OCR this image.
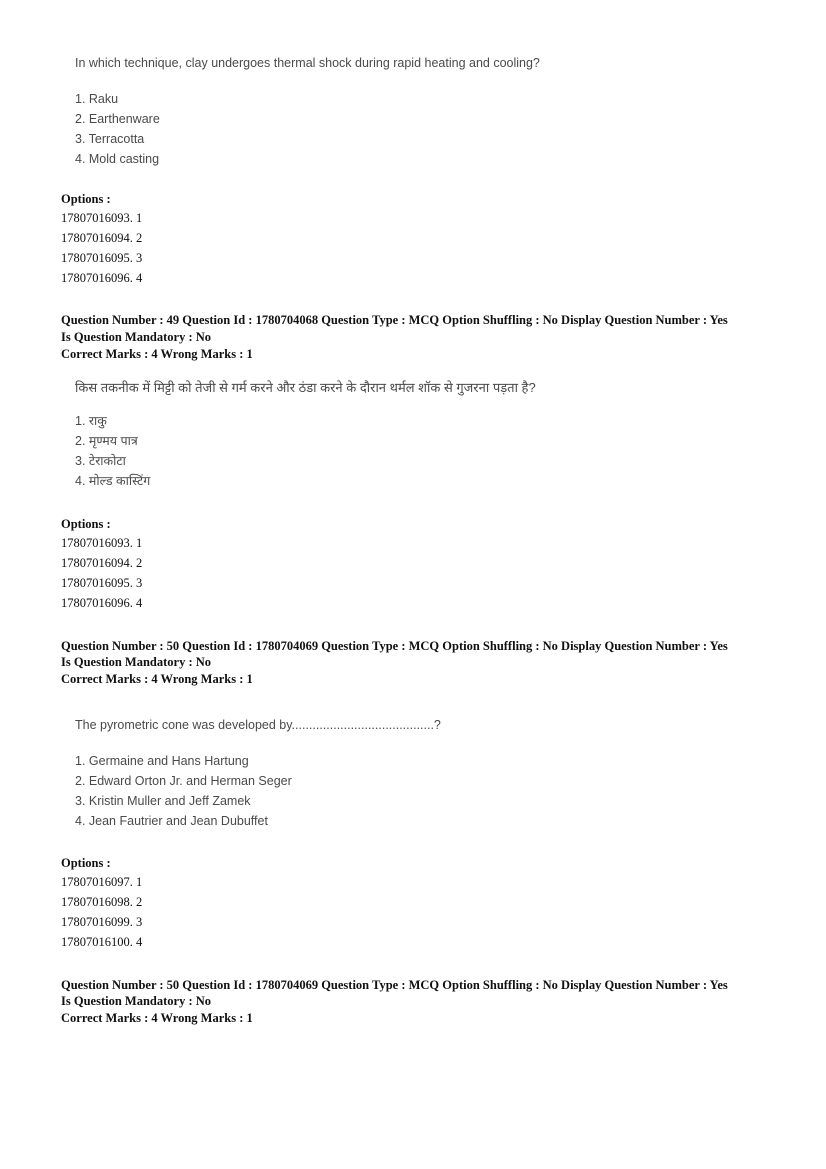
In which technique, clay undergoes thermal shock during rapid heating and cooling?
1. Raku
2. Earthenware
3. Terracotta
4. Mold casting
Options :
17807016093. 1
17807016094. 2
17807016095. 3
17807016096. 4
Question Number : 49 Question Id : 1780704068 Question Type : MCQ Option Shuffling : No Display Question Number : Yes
Is Question Mandatory : No
Correct Marks : 4 Wrong Marks : 1
किस तकनीक में मिट्टी को तेजी से गर्म करने और ठंडा करने के दौरान थर्मल शॉक से गुजरना पड़ता है?
1. राकु
2. मृण्मय पात्र
3. टेराकोटा
4. मोल्ड कास्टिंग
Options :
17807016093. 1
17807016094. 2
17807016095. 3
17807016096. 4
Question Number : 50 Question Id : 1780704069 Question Type : MCQ Option Shuffling : No Display Question Number : Yes
Is Question Mandatory : No
Correct Marks : 4 Wrong Marks : 1
The pyrometric cone was developed by.........................................?
1. Germaine and Hans Hartung
2. Edward Orton Jr. and Herman Seger
3. Kristin Muller and Jeff Zamek
4. Jean Fautrier and Jean Dubuffet
Options :
17807016097. 1
17807016098. 2
17807016099. 3
17807016100. 4
Question Number : 50 Question Id : 1780704069 Question Type : MCQ Option Shuffling : No Display Question Number : Yes
Is Question Mandatory : No
Correct Marks : 4 Wrong Marks : 1
